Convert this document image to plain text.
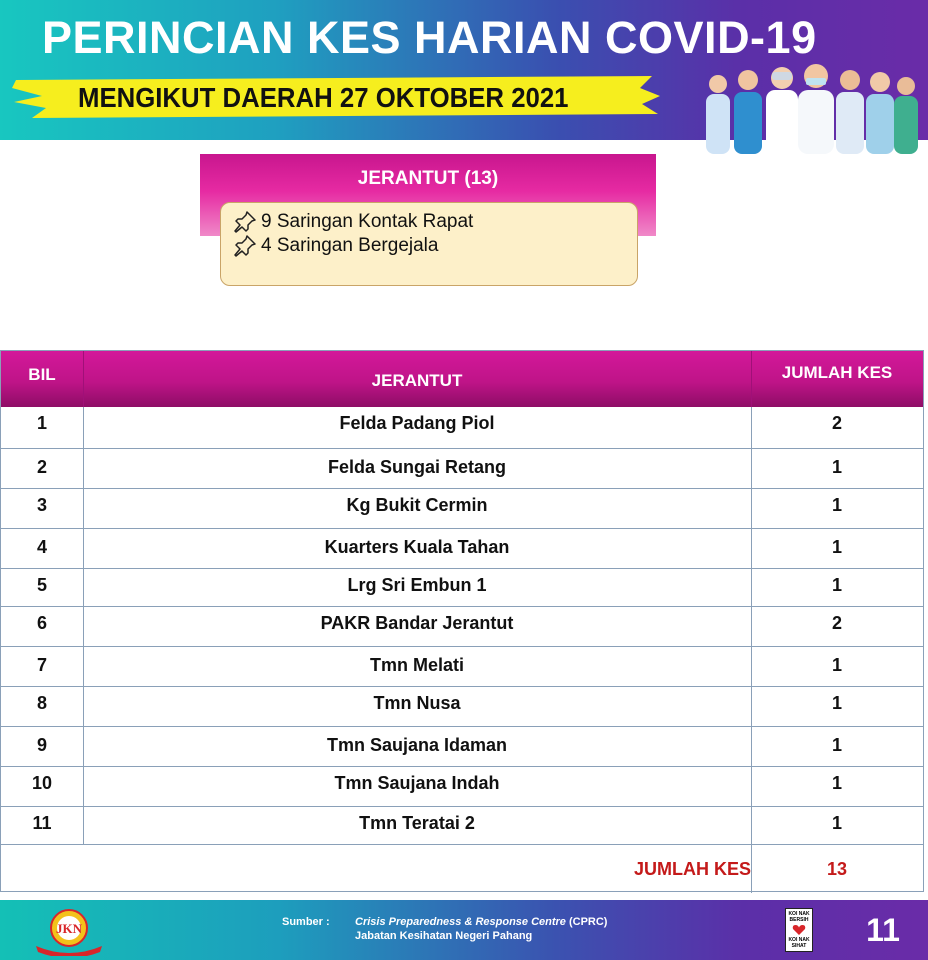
PERINCIAN KES HARIAN COVID-19
MENGIKUT DAERAH 27 OKTOBER 2021
JERANTUT (13)
9 Saringan Kontak Rapat
4 Saringan Bergejala
BIL	JERANTUT	JUMLAH KES
1	Felda Padang Piol	2
2	Felda Sungai Retang	1
3	Kg Bukit Cermin	1
4	Kuarters Kuala Tahan	1
5	Lrg Sri Embun 1	1
6	PAKR Bandar Jerantut	2
7	Tmn Melati	1
8	Tmn Nusa	1
9	Tmn Saujana Idaman	1
10	Tmn Saujana Indah	1
11	Tmn Teratai 2	1
JUMLAH KES	13
JKN	Sumber : Crisis Preparedness & Response Centre (CPRC)
Jabatan Kesihatan Negeri Pahang
KOI NAK BERSIH
KOI NAK SIHAT	11
